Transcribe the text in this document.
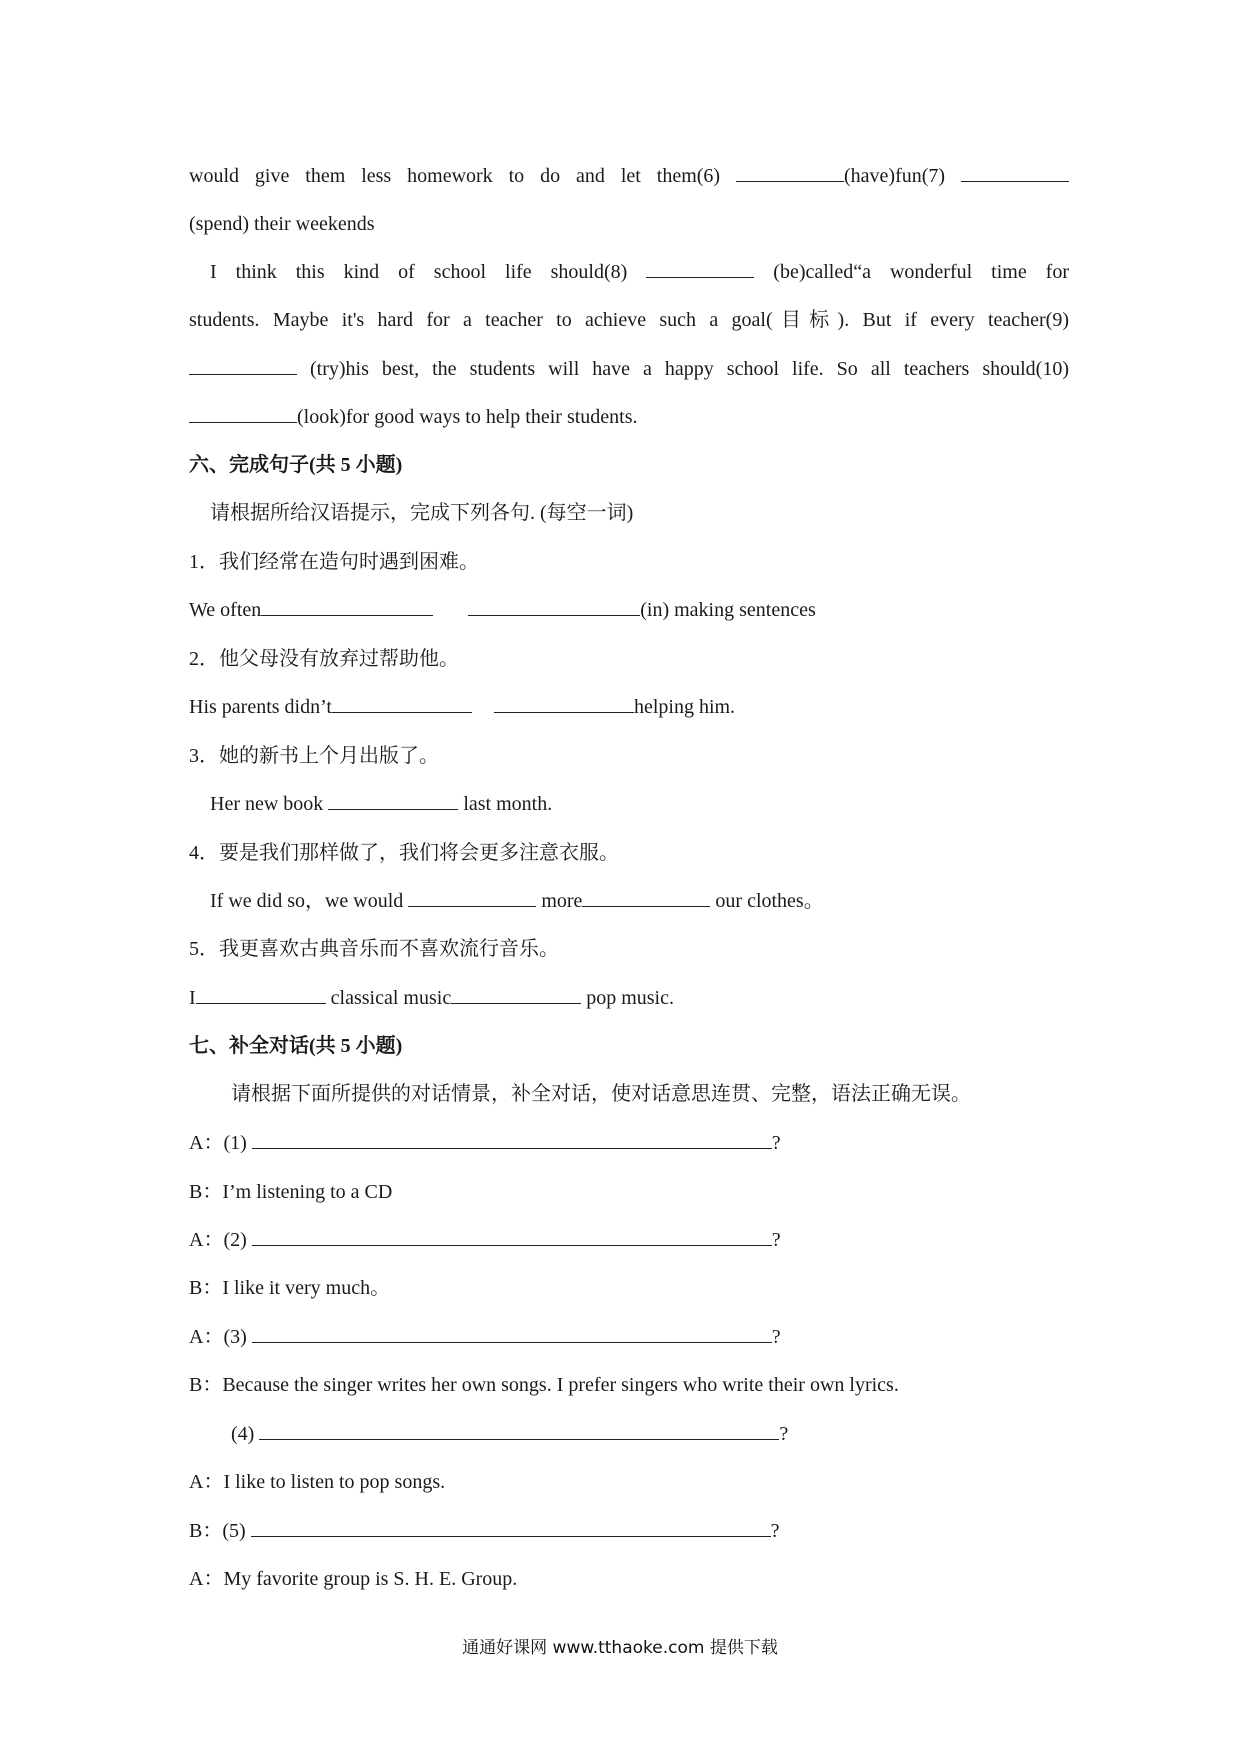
would give them less homework to do and let them(6)	(have)fun(7)
(spend) their weekends
I think this kind of school life should(8)	(be)called“a wonderful time for
students. Maybe it's hard for a teacher to achieve such a goal(目标). But if every teacher(9)
(try)his best, the students will have a happy school life. So all teachers should(10)
(look)for good ways to help their students.
六、完成句子(共 5 小题)
请根据所给汉语提示，完成下列各句. (每空一词)
1．我们经常在造句时遇到困难。
We often	(in) making sentences
2．他父母没有放弃过帮助他。
His parents didn’t	helping him.
3．她的新书上个月出版了。
Her new book	last month.
4．要是我们那样做了，我们将会更多注意衣服。
If we did so，we would	more	our clothes。
5．我更喜欢古典音乐而不喜欢流行音乐。
I	classical music	pop music.
七、补全对话(共 5 小题)
请根据下面所提供的对话情景，补全对话，使对话意思连贯、完整，语法正确无误。
A：(1)	?
B：I’m listening to a CD
A：(2)	?
B：I like it very much。
A：(3)	?
B：Because the singer writes her own songs. I prefer singers who write their own lyrics.
(4)	?
A：I like to listen to pop songs.
B：(5)	?
A：My favorite group is S. H. E. Group.
通通好课网 www.tthaoke.com 提供下载
